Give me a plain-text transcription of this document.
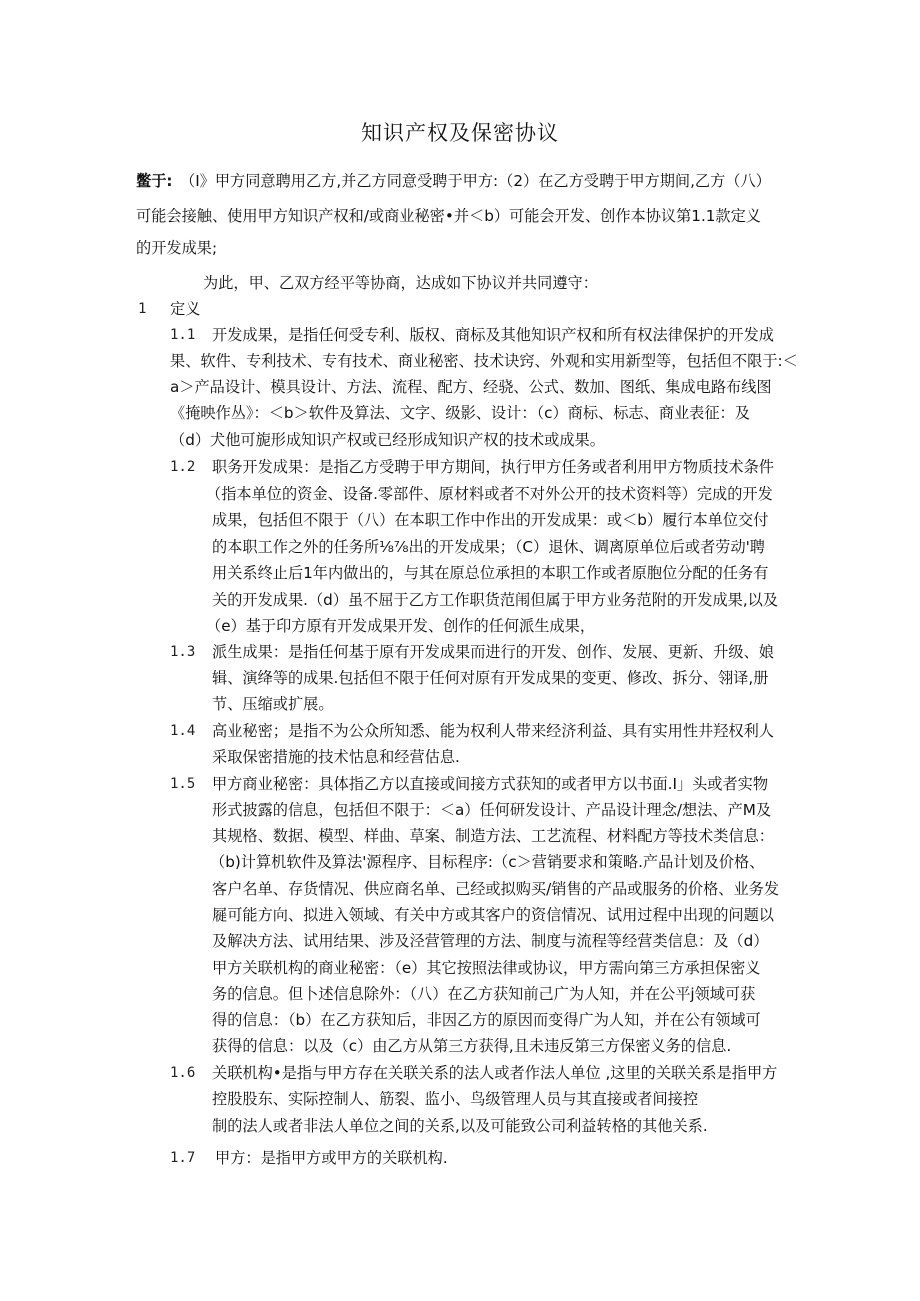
知识产权及保密协议
鳖于: （I》甲方同意聘用乙方,并乙方同意受聘于甲方:（2）在乙方受聘于甲方期间,乙方（八）
可能会接触、使用甲方知识产权和/或商业秘密•并＜b）可能会开发、创作本协议第1.1款定义
的开发成果;
为此，甲、乙双方经平等协商，达成如下协议并共同遵守：
1 定义
1.1 开发成果，是指任何受专利、版权、商标及其他知识产权和所有权法律保护的开发成
果、软件、专利技术、专有技术、商业秘密、技术诀窍、外观和实用新型等，包括但不限于:＜
a＞产品设计、模具设计、方法、流程、配方、经骁、公式、数加、图纸、集成电路布线图
《掩映作丛》：＜b＞软件及算法、文字、级影、设计：（c）商标、标志、商业表征：及
（d）犬他可旎形成知识产权或已经形成知识产权的技术或成果。
1.2 职务开发成果：是指乙方受聘于甲方期间，执行甲方任务或者利用甲方物质技术条件
（指本单位的资金、设备.零部件、原材料或者不对外公开的技术资料等）完成的开发
成果，包括但不限于（八）在本职工作中作出的开发成果：或＜b）履行本单位交付
的本职工作之外的任务所⅛⅞出的开发成果；（C）退休、调离原单位后或者劳动'聘
用关系终止后1年内做出的，与其在原总位承担的本职工作或者原胞位分配的任务有
关的开发成果.（d）虽不屈于乙方工作职货范闱但属于甲方业务范附的开发成果,以及
（e）基于印方原有开发成果开发、创作的任何派生成果，
1.3 派生成果：是指任何基于原有开发成果而进行的开发、创作、发展、更新、升级、娘
辑、演绛等的成果.包括但不限于任何对原有开发成果的变更、修改、拆分、翎译,册
节、压缩或扩展。
1.4 高业秘密；是指不为公众所知悉、能为权利人带来经济利益、具有实用性井羟权利人
采取保密措施的技术怙息和经营估息.
1.5 甲方商业秘密：具体指乙方以直接或间接方式获知的或者甲方以书面.I」头或者实物
形式披露的信息，包括但不限于：＜a）任何研发设计、产品设计理念/想法、产M及
其规格、数据、模型、样曲、草案、制造方法、工艺流程、材料配方等技术类信息：
（b)计算机软件及算法'源程序、目标程序:（c＞营销要求和策略.产品计划及价格、
客户名单、存货情况、供应商名单、己经或拟购买/销售的产品或服务的价格、业务发
屣可能方向、拟进入领域、有关中方或其客户的资信情况、试用过程中出现的问题以
及解决方法、试用结果、涉及泾营管理的方法、制度与流程等经营类信息：及（d）
甲方关联机构的商业秘密：（e）其它按照法律或协议，甲方需向第三方承担保密义
务的信息。但卜述信息除外：（八）在乙方获知前己广为人知，并在公平j领域可获
得的信息：（b）在乙方获知后，非因乙方的原因而变得广为人知，并在公有领域可
获得的信息：以及（c）由乙方从第三方获得,且未违反第三方保密义务的信息.
1.6 关联机构•是指与甲方存在关联关系的法人或者作法人单位 ,这里的关联关系是指甲方
控股股东、实际控制人、筋裂、监小、鸟级管理人员与其直接或者间接控
制的法人或者非法人单位之间的关系,以及可能致公司利益转格的其他关系.
1.7 甲方：是指甲方或甲方的关联机构.
